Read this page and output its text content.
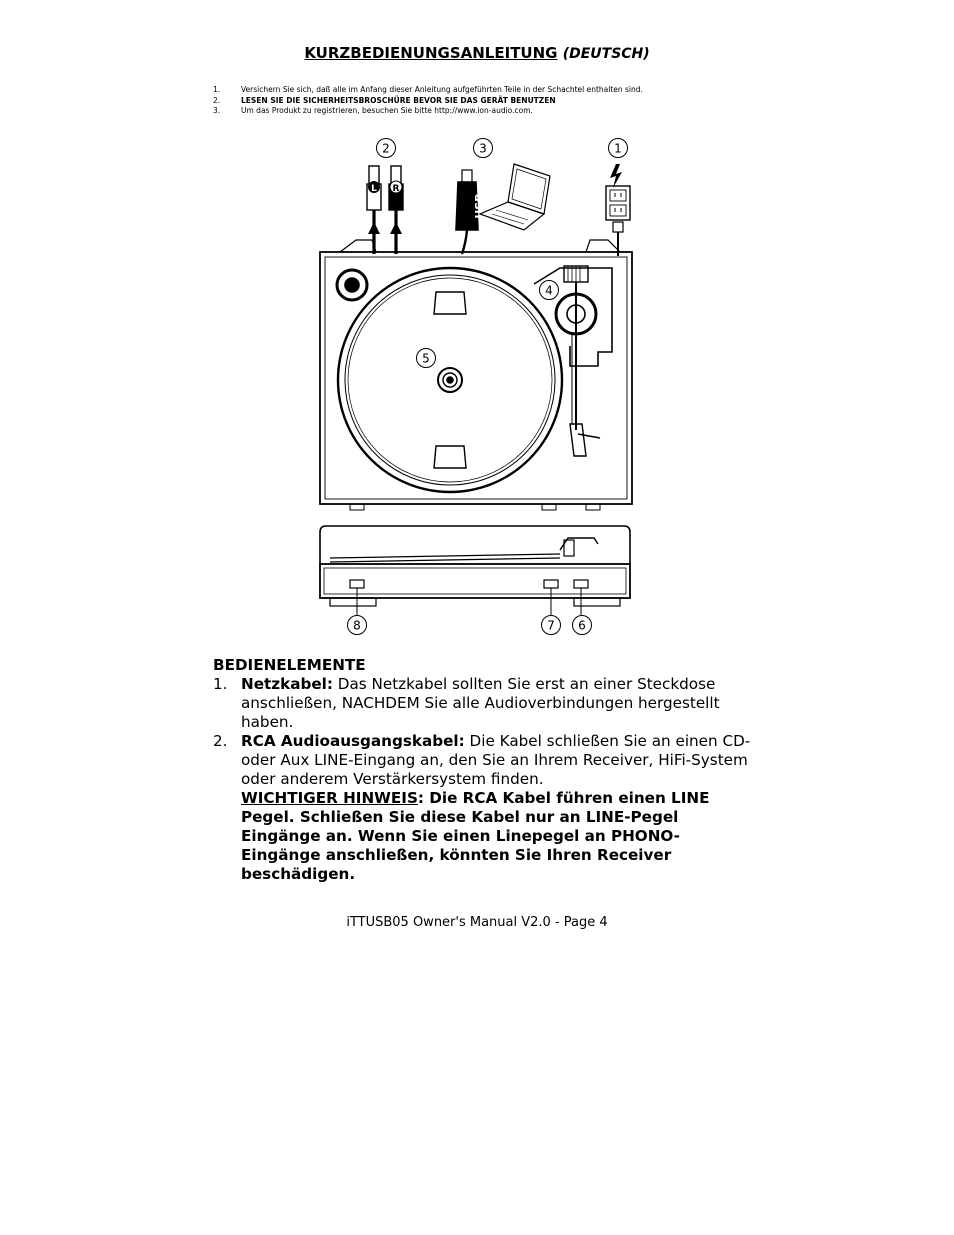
KURZBEDIENUNGSANLEITUNG (DEUTSCH)
1.	Versichern Sie sich, daß alle im Anfang dieser Anleitung aufgeführten Teile in der Schachtel enthalten sind.
2.	LESEN SIE DIE SICHERHEITSBROSCHÜRE BEVOR SIE DAS GERÄT BENUTZEN
3.	Um das Produkt zu registrieren, besuchen Sie bitte http://www.ion-audio.com.
2	3	1
L R
USB
4
5
8	7 6
BEDIENELEMENTE
1. Netzkabel: Das Netzkabel sollten Sie erst an einer Steckdose anschließen, NACHDEM Sie alle Audioverbindungen hergestellt haben.
2. RCA Audioausgangskabel: Die Kabel schließen Sie an einen CD- oder Aux LINE-Eingang an, den Sie an Ihrem Receiver, HiFi-System oder anderem Verstärkersystem finden.
WICHTIGER HINWEIS: Die RCA Kabel führen einen LINE Pegel. Schließen Sie diese Kabel nur an LINE-Pegel Eingänge an. Wenn Sie einen Linepegel an PHONO-Eingänge anschließen, könnten Sie Ihren Receiver beschädigen.
iTTUSB05 Owner's Manual V2.0 - Page 4
